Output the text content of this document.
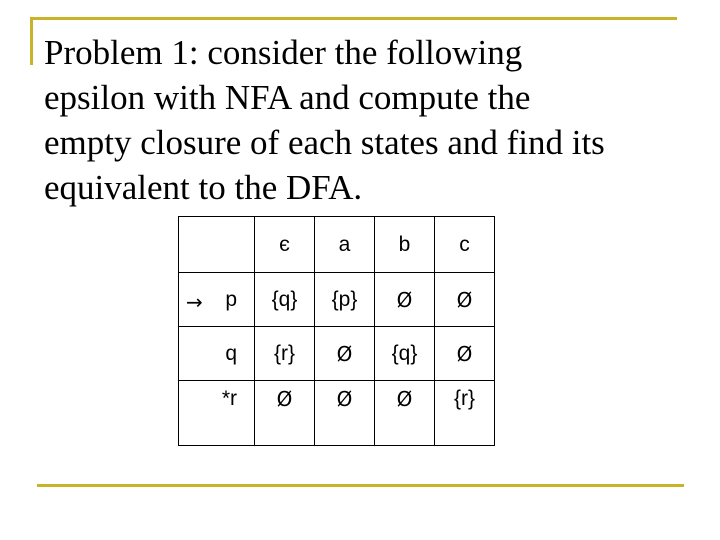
Problem 1: consider the following
epsilon with NFA and compute the
empty closure of each states and find its
equivalent to the DFA.
	є	a	b	c

→ p	{q}	{p}	Ø	Ø
q	{r}	Ø	{q}	Ø
*r	Ø	Ø	Ø	{r}
